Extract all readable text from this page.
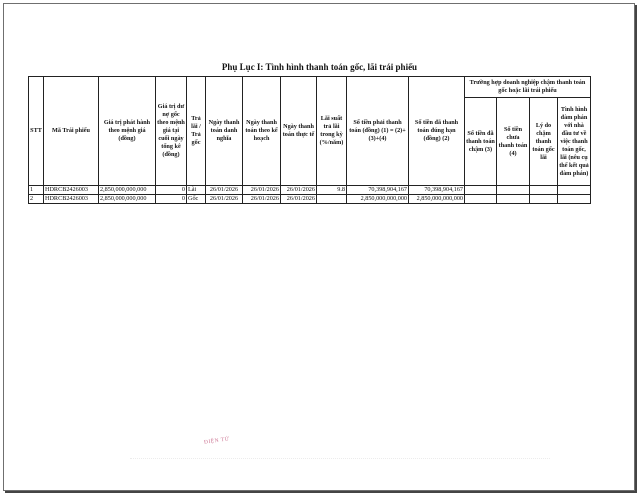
Phụ Lục I: Tình hình thanh toán gốc, lãi trái phiếu
STT	Mã Trái phiếu	Giá trị phát hành theo mệnh giá (đồng)	Giá trị dư nợ gốc theo mệnh giá tại cuối ngày tổng kê (đồng)	Trả lãi / Trả gốc	Ngày thanh toán danh nghĩa	Ngày thanh toán theo kế hoạch	Ngày thanh toán thực tế	Lãi suất trả lãi trong kỳ (%/năm)	Số tiền phải thanh toán (đồng) (1) = (2)+(3)+(4)	Số tiền đã thanh toán đúng hạn (đồng) (2)	Trường hợp doanh nghiệp chậm thanh toán gốc hoặc lãi trái phiếu			
											Số tiền đã thanh toán chậm (3)	Số tiền chưa thanh toán (4)	Lý do chậm thanh toán gốc lãi	Tình hình đàm phán với nhà đầu tư về việc thanh toán gốc, lãi (nêu cụ thể kết quả đàm phán)
1	HDRCB2426003	2,850,000,000,000	0	Lãi	26/01/2026	26/01/2026	26/01/2026	9.8	70,398,904,167	70,398,904,167				
2	HDRCB2426003	2,850,000,000,000	0	Gốc	26/01/2026	26/01/2026	26/01/2026		2,850,000,000,000	2,850,000,000,000				
ĐIỆN TỬ
